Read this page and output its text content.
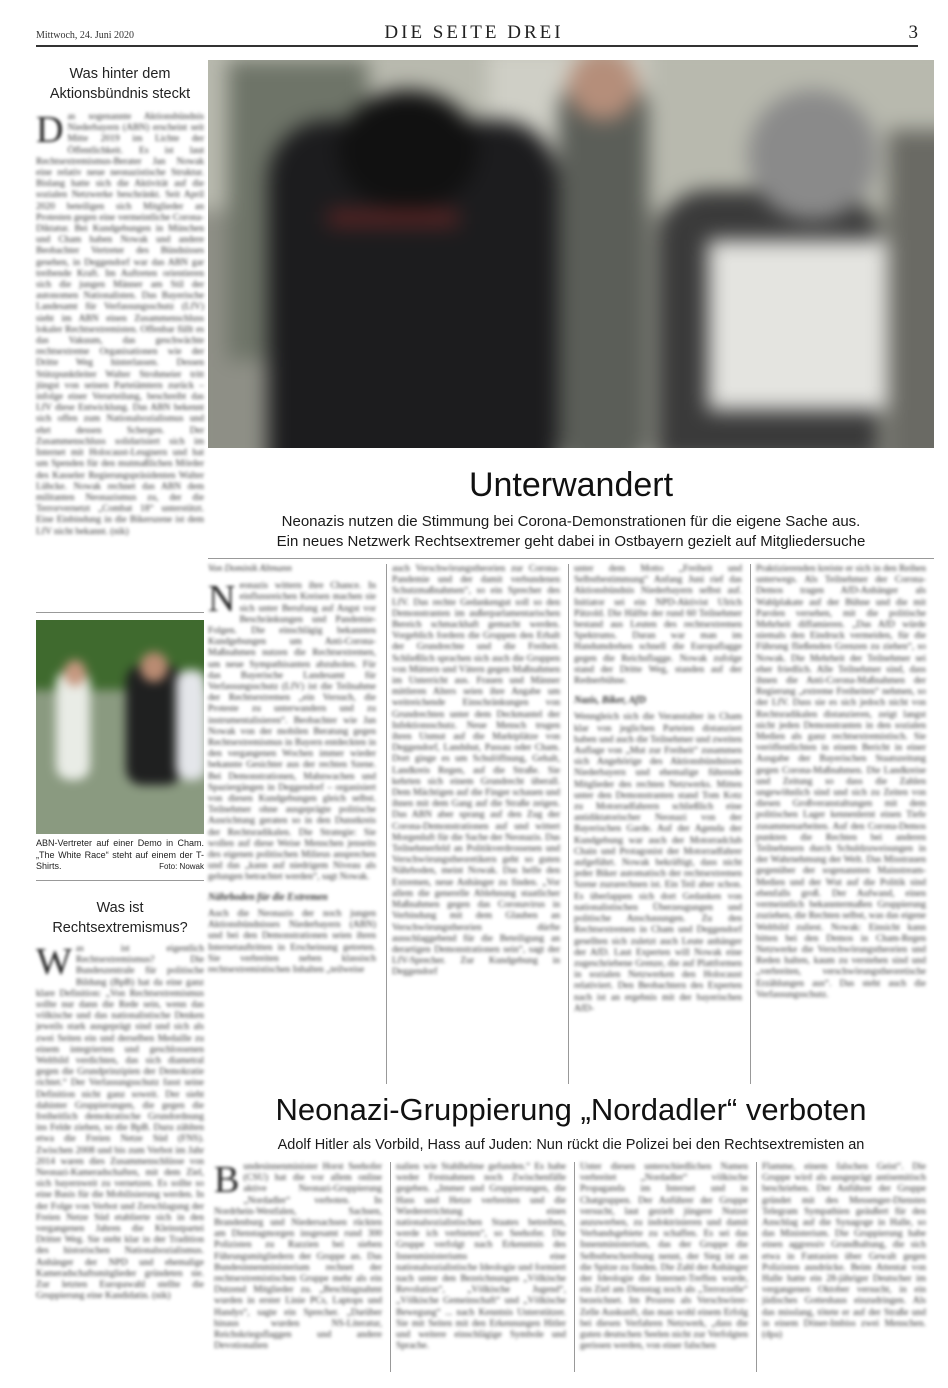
Mittwoch, 24. Juni 2020	DIE SEITE DREI	3
Was hinter dem
Aktionsbündnis steckt
Das sogenannte Aktionsbündnis Niederbayern (ABN) erscheint seit Mitte 2019 im Lichte der Öffentlichkeit. Es ist laut Rechtsextremismus-Berater Jan Nowak eine relativ neue neonazistische Struktur. Bislang hatte sich die Aktivität auf die sozialen Netzwerke beschränkt. Seit April 2020 beteiligen sich Mitglieder an Protesten gegen eine vermeintliche Corona-Diktatur. Bei Kundgebungen in München und Cham haben Nowak und andere Beobachter Vertreter des Bündnisses gesehen, in Deggendorf war das ABN gar treibende Kraft. Im Auftreten orientieren sich die jungen Männer am Stil der autonomen Nationalisten. Das Bayerische Landesamt für Verfassungsschutz (LfV) sieht im ABN einen Zusammenschluss lokaler Rechtsextremisten. Offenbar füllt es das Vakuum, das geschwächte rechtsextreme Organisationen wie der Dritte Weg hinterlassen. Dessen Stützpunktleiter Walter Strohmeier tritt jüngst von seinen Parteiämtern zurück – infolge einer Verurteilung, beschreibt das LfV diese Entwicklung. Das ABN bekennt sich offen zum Nationalsozialismus und ehrt dessen Schergen. Der Zusammenschluss solidarisiert sich im Internet mit Holocaust-Leugnern und hat um Spenden für den mutmaßlichen Mörder des Kasseler Regierungspräsidenten Walter Lübcke. Nowak rechnet das ABN dem militanten Neonazismus zu, der die Terrorvernetzt „Combat 18“ unterstützt. Eine Einbindung in die Bikerszene ist dem LfV nicht bekannt. (nik)
ABN-Vertreter auf einer Demo in Cham. „The White Race“ steht auf einem der T-Shirts.	Foto: Nowak
Was ist
Rechtsextremismus?
Was ist eigentlich Rechtsextremismus? Die Bundeszentrale für politische Bildung (BpB) hat da eine ganz klare Definition: „Von Rechtsextremismus sollte nur dann die Rede sein, wenn das völkische und das nationalistische Denken jeweils stark ausgeprägt sind und sich als zwei Seiten ein und derselben Medaille zu einem integrierten und geschlossenen Weltbild verdichten, das sich diametral gegen die Grundprinzipien der Demokratie richtet.“ Der Verfassungsschutz fasst seine Definition nicht ganz soweit. Der sieht dahinter Gruppierungen, die gegen die freiheitlich demokratische Grundordnung ins Felde ziehen, so die BpB. Dazu zählten etwa die Freien Netze Süd (FNS). Zwischen 2008 und bis zum Verbot im Jahr 2014 waren dies Zusammenschlüsse von Neonazi-Kameradschaften, mit dem Ziel, sich bayernweit zu vernetzen. Es sollte so eine Basis für die Mobilisierung werden. In der Folge von Verbot und Zerschlagung der Freien Netze Süd etablierte sich in den vergangenen Jahren die Kleinstpartei Dritter Weg. Sie steht klar in der Tradition des historischen Nationalsozialismus. Anhänger der NPD und ehemalige Kameradschaftsmitglieder gründeten sie. Zur letzten Europawahl stellte die Gruppierung eine Kandidatin. (nik)
Unterwandert
Neonazis nutzen die Stimmung bei Corona-Demonstrationen für die eigene Sache aus.
Ein neues Netzwerk Rechtsextremer geht dabei in Ostbayern gezielt auf Mitgliedersuche
Von Dominik Altmann
N eonazis wittern ihre Chance. In einflussreichen Kreisen machen sie sich unter Berufung auf Angst vor Beschränkungen und Pandemie-Folgen. Die einschlägig bekannten Kundgebungen um Anti-Corona-Maßnahmen nutzen die Rechtsextremen, um neue Sympathisanten abzuholen. Für das Bayerische Landesamt für Verfassungsschutz (LfV) ist die Teilnahme der Rechtsextremen „ein Versuch, die Proteste zu unterwandern und zu instrumentalisieren“. Beobachter wie Jan Nowak von der mobilen Beratung gegen Rechtsextremismus in Bayern entdeckten in den vergangenen Wochen immer wieder bekannte Gesichter aus der rechten Szene. Bei Demonstrationen, Mahnwachen und Spaziergängen in Deggendorf – organisiert von diesen Kundgebungen gleich selbst. Teilnehmer ohne ausgeprägte politische Ausrichtung geraten so in den Dunstkreis der Rechtsradikalen. Die Strategie: Sie wollen auf diese Weise Menschen jenseits des eigenen politischen Milieus ansprechen und das „kann auf niedrigem Niveau als gelungen betrachtet werden“, sagt Nowak.
Nährboden für die Extremen
Auch die Neonazis der noch jungen Aktionsbündnisses Niederbayern (ABN) und bei den Demonstrationen seien ihren Internetauftritten in Erscheinung getreten. Sie verbreiten neben klassisch rechtsextremistischen Inhalten „teilweise
auch Verschwörungstheorien zur Corona-Pandemie und der damit verbundenen Schutzmaßnahmen“, so ein Sprecher des LfV. Das rechte Gedankengut soll so den Demonstranten im außerparlamentarischen Bereich schmackhaft gemacht werden. Vorgeblich fordern die Gruppen den Erhalt der Grundrechte und die Freiheit. Schließlich sprachen sich auch die Gruppen von Müttern und Vätern gegen Maßnahmen im Unterricht aus. Frauen und Männer mittleren Alters seien ihre Angabe um weitreichende Einschränkungen von Grundrechten unter dem Deckmantel der Infektionsschutz. Neue Mensch trugen ihren Unmut auf die Marktplätze von Deggendorf, Landshut, Passau oder Cham. Dort ginge es um Schulöffnung, Gehalt, Landkreis Regen, auf die Straße. Sie kehrten sich einem Grundrecht überall. Dem Mächtigen auf die Finger schauen und ihnen mit dem Gang auf die Straße zeigen. Das ABN aber sprang auf den Zug der Corona-Demonstrationen auf und wittert Morgenluft für die Sache der Neonazis. Das Teilnehmerfeld an Politikverdrossenen und Verschwörungstheoretikern geht so guten Nährboden, meint Nowak. Das helfe den Extremen, neue Anhänger zu finden. „Vor allem die generelle Ablehnung staatlicher Maßnahmen gegen das Coronavirus in Verbindung mit dem Glauben an Verschwörungstheorien dürfte ausschlaggebend für die Beteiligung an derartigen Demonstrationen sein“, sagt der LfV-Sprecher. Zur Kundgebung in Deggendorf
unter dem Motto „Freiheit und Selbstbestimmung“ Anfang Juni rief das Aktionsbündnis Niederbayern selbst auf. Initiator sei ein NPD-Aktivist Ulrich Pätzold. Die Hälfte der rund 60 Teilnehmer bestand aus Leuten des rechtsextremen Spektrums. Daran war man im Handumdrehen schnell die Europaflagge gegen die Reichsflagge. Nowak zufolge stand der Dritte Weg, standen auf der Rednerbühne.
Nazis, Biker, AfD
Wenngleich sich die Veranstalter in Cham klar von jeglichen Parteien distanziert haben und auch die Teilnehmer und zweiten Auflage von „Mut zur Freiheit“ zusammen sich Angehörige des Aktionsbündnisses Niederbayern und ehemalige führende Mitglieder des rechten Netzwerks. Mitten unter den Demonstranten stand Tom Kotz zu Motorradfahrern schließlich eine antidiktatorischer Neonazi von der Bayerischen Garde. Auf der Agenda der Kundgebung war auch der Motorradclub Chain und Protagonist der Motorradfahrer aufgeführt. Nowak bekräftigt, dass nicht jeder Biker automatisch der rechtsextremen Szene zuzurechnen ist. Ein Teil aber schon. Es überlappen sich dort Gedanken von nationalistischen Überzeugungen und politische Anschauungen. Zu den Rechtsextremen in Cham und Deggendorf gesellten sich zuletzt auch Leute anhänger der AfD. Laut Experten will Nowak eine zugeschriebene Grenze, die auf Plattformen in sozialen Netzwerken den Holocaust relativiert. Den Beobachtern des Experten nach ist an ergebnis mit der bayerischen AfD-
Praktizierenden kreiste er sich in den Reihen unterwegs. Als Teilnehmer der Corona-Demos tragen AfD-Anhänger als Wahlplakate auf der Bühne und die mit Parolen versehen, mit die politische Mehrheit diffamieren. „Das AfD würde niemals den Eindruck vermeiden, für die Führung fließenden Grenzen zu ziehen“, so Nowak. Die Mehrheit der Teilnehmer sei eher friedlich. Alle Teilnehmer sind, dass ihnen die Anti-Corona-Maßnahmen der Regierung „extreme Freiheiten“ nehmen, so der LfV. Dass sie es sich jedoch nicht von Rechtsradikalen distanzieren, zeigt langst nicht jeden Demonstranten in den sozialen Medien als ganz rechtsextremistisch. Sie veröffentlichten in einem Bericht in einer Ausgabe der Bayerischen Staatszeitung gegen Corona-Maßnahmen. Die Landkreise und Zeitung so dass die Zahlen ungewöhnlich sind und sich zu Zeiten von diesen Großveranstaltungen mit dem politischen Lager kennenlernt einen Tiefe zusammenarbeiten. Auf den Corona-Demos punkten die Rechten bei anderen Teilnehmern durch Schuldzuweisungen in der Wahrnehmung der Welt. Das Misstrauen gegenüber der sogenannten Mainstream-Medien und der Wut auf die Politik sind ebenfalls groß. Der Aufwand, einen vermeintlich bekanntermaßen Gruppierung zuziehen, die Rechten selbst, was das eigene Weltbild zuliest. Nowak: Einsicht kann bitten bei den Demos in Cham-Regen Netzwerke die Verschwörungstheorien und Reden halten, kaum zu verstehen sind und „verbreiten, verschwörungstheoretische Erzählungen aus“. Das steht auch die Verfassungsschutz.
Neonazi-Gruppierung „Nordadler“ verboten
Adolf Hitler als Vorbild, Hass auf Juden: Nun rückt die Polizei bei den Rechtsextremisten an
Bundesinnenminister Horst Seehofer (CSU) hat die vor allem online aktive Neonazi-Gruppierung „Nordadler“ verboten. In Nordrhein-Westfalen, Sachsen, Brandenburg und Niedersachsen rückten am Dienstagmorgen insgesamt rund 300 Polizisten zu Razzien bei sieben Führungsmitgliedern der Gruppe an. Das Bundesinnenministerium rechnet der rechtsextremistischen Gruppe mehr als ein Dutzend Mitglieder zu. „Beschlagnahmt wurden in erster Linie PCs, Laptops und Handys“, sagte ein Sprecher. „Darüber hinaus wurden NS-Literatur, Reichskriegsflaggen und andere Devotionalien
nalien wie Stahlhelme gefunden.“ Es habe weder Festnahmen noch Zwischenfälle gegeben. „Immer und Gruppierungen, die Hass und Hetze verbreiten und die Wiedererrichtung eines nationalsozialistischen Staates betreiben, werde ich verbieten“, so Seehofer. Die Gruppe verfolgt nach Erkenntnis des Innenministeriums eine nationalsozialistische Ideologie und formiert nach unter den Bezeichnungen „Völkische Revolution“, „Völkische Jugend“, „Völkische Gemeinschaft“ und „Völkische Bewegung“ ... nach Kenntnis Unterstützer. Sie mit Seiten mit den Erkennungen Hitler und weitere einschlägige Symbole und Sprache.
Unter diesen unterschiedlichen Namen verbreitet „Nordadler“ völkische Propaganda im Internet und in Chatgruppen. Der Anführer der Gruppe versucht, laut gezielt jüngere Nutzer anzuwerben, zu indoktrinieren und damit Verbandsgebiete zu schaffen. Es sei das Innenministerium, das der Gruppe die Selbstbeschreibung nennt, der Sieg ist an die Spitze zu finden. Die Zahl der Anhänger der Ideologie die Internet-Treffen wurde, ein Ziel am Dienstag noch als „Terrorzelle“ bezeichnet. Im Prozess als Verschwörer-Zelle Auskunft, das man wohl einem Erfolg bei diesen Verfahren Netzwerk, „dass die guten deutschen Seelen nicht zur Verfolgten gerissen werden, von einer falschen
Flamme, einem falschen Geist“. Die Gruppe wird als ausgeprägt antisemitisch beschrieben. Der Anführer der Gruppe gründet mit des Messenger-Dienstes Telegram Sympathien geäußert für den Anschlag auf die Synagoge in Halle, so das Ministerium. Die Gruppierung habe einen aggressiv Grundhaltung, die sich etwa in Fantasien über Gewalt gegen Polizisten ausdrücke. Beim Attentat von Halle hatte ein 28-jähriger Deutscher im vergangenen Oktober versucht, in ein jüdisches Gotteshaus einzudringen. Als das misslang, tötete er auf der Straße und in einem Döner-Imbiss zwei Menschen. (dpa)
